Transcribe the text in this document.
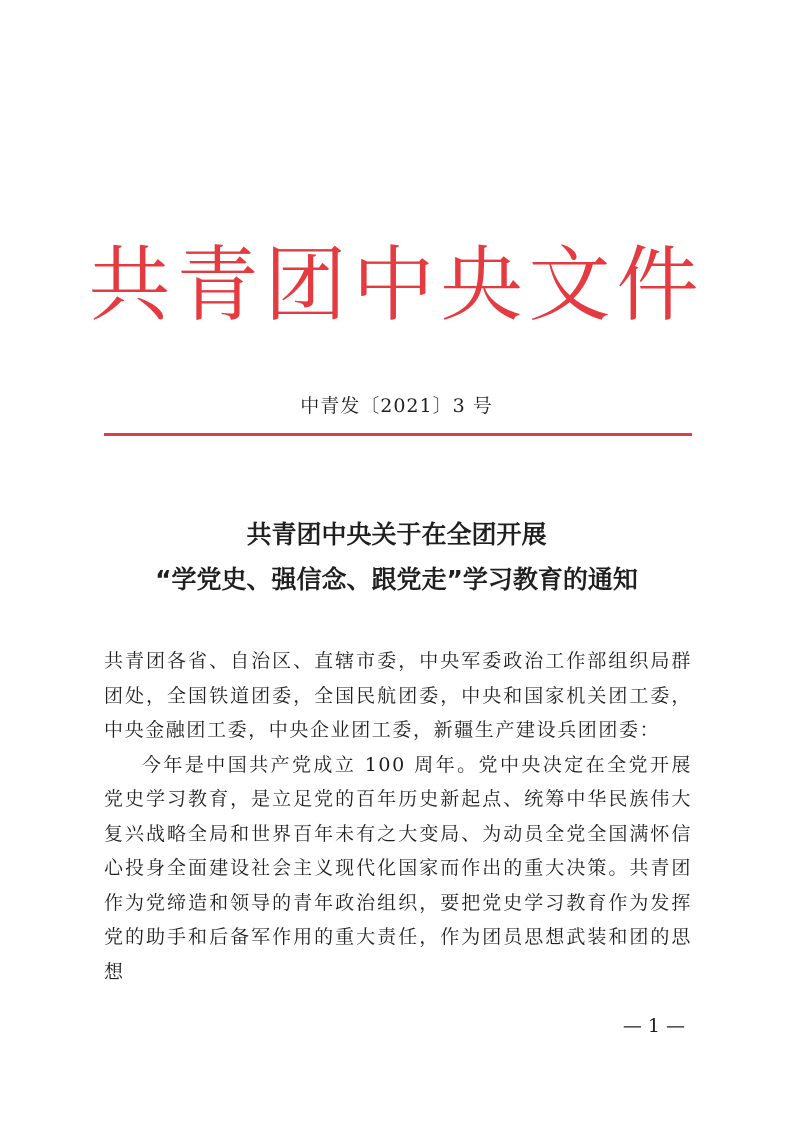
共青团中央文件
中青发〔2021〕3 号
共青团中央关于在全团开展
“学党史、强信念、跟党走”学习教育的通知

共青团各省、自治区、直辖市委，中央军委政治工作部组织局群团处，全国铁道团委，全国民航团委，中央和国家机关团工委，中央金融团工委，中央企业团工委，新疆生产建设兵团团委：

今年是中国共产党成立 100 周年。党中央决定在全党开展党史学习教育，是立足党的百年历史新起点、统筹中华民族伟大复兴战略全局和世界百年未有之大变局、为动员全党全国满怀信心投身全面建设社会主义现代化国家而作出的重大决策。共青团作为党缔造和领导的青年政治组织，要把党史学习教育作为发挥党的助手和后备军作用的重大责任，作为团员思想武装和团的思想

— 1 —
